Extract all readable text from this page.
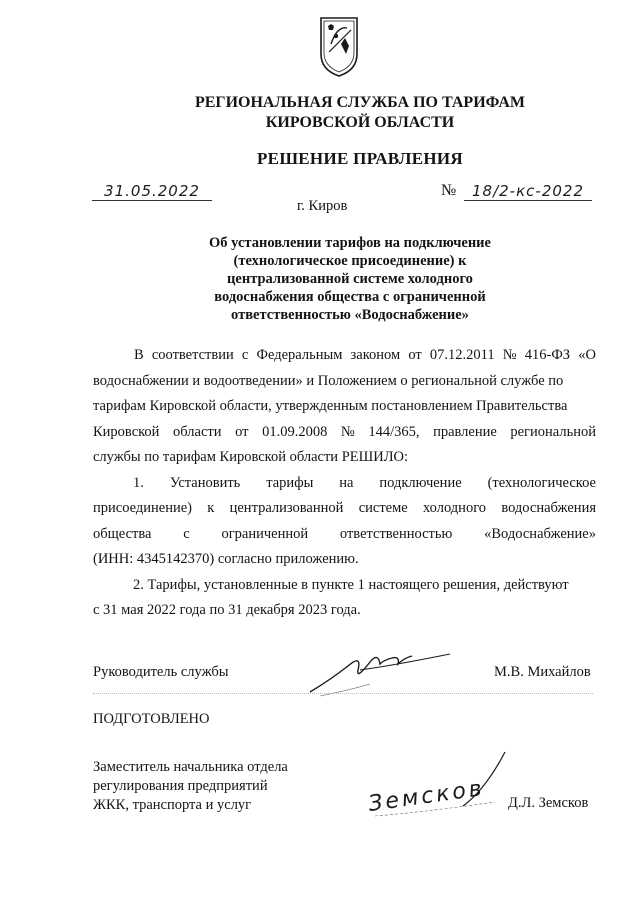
РЕГИОНАЛЬНАЯ СЛУЖБА ПО ТАРИФАМ
КИРОВСКОЙ ОБЛАСТИ
РЕШЕНИЕ ПРАВЛЕНИЯ
31.05.2022	№	18/2-кс-2022
г. Киров
Об установлении тарифов на подключение
(технологическое присоединение) к
централизованной системе холодного
водоснабжения общества с ограниченной
ответственностью «Водоснабжение»
В соответствии с Федеральным законом от 07.12.2011 № 416-ФЗ «О
водоснабжении и водоотведении» и Положением о региональной службе по
тарифам Кировской области, утвержденным постановлением Правительства
Кировской области от 01.09.2008 № 144/365, правление региональной
службы по тарифам Кировской области РЕШИЛО:
1. Установить тарифы на подключение (технологическое
присоединение) к централизованной системе холодного водоснабжения
общества с ограниченной ответственностью «Водоснабжение»
(ИНН: 4345142370) согласно приложению.
2. Тарифы, установленные в пункте 1 настоящего решения, действуют
с 31 мая 2022 года по 31 декабря 2023 года.
Руководитель службы	М.В. Михайлов
ПОДГОТОВЛЕНО
Заместитель начальника отдела
регулирования предприятий
ЖКК, транспорта и услуг	Земсков Д.Л. Земсков
